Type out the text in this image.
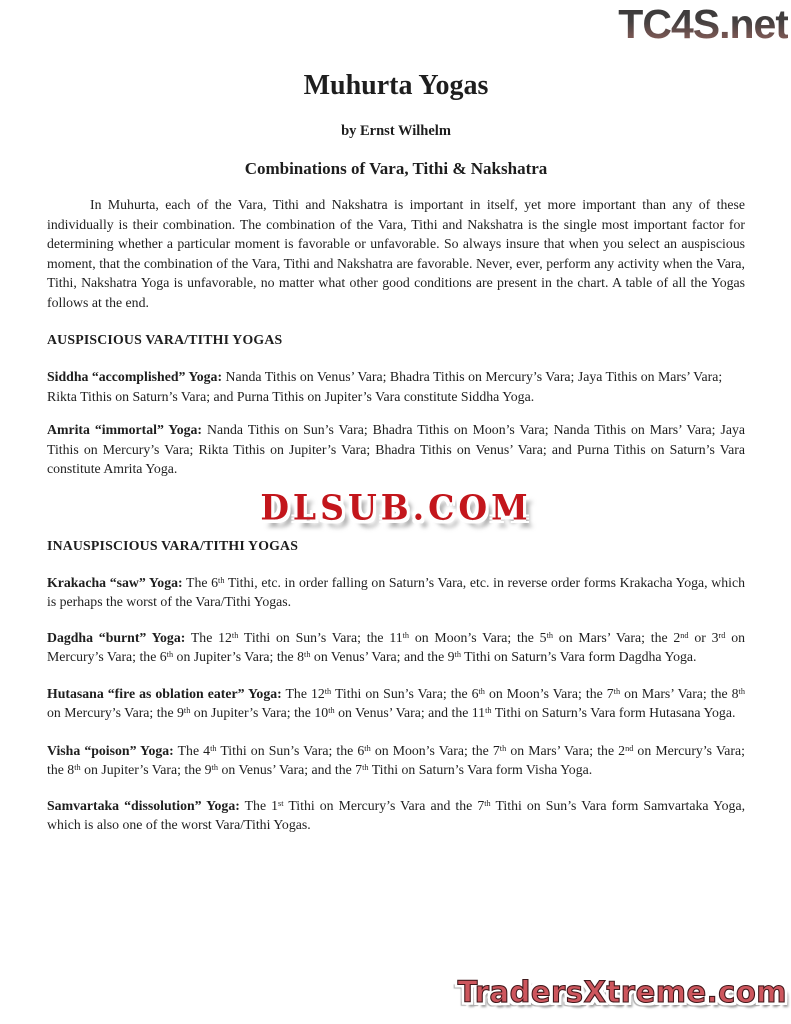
TC4S.net
Muhurta Yogas
by Ernst Wilhelm
Combinations of Vara, Tithi & Nakshatra

In Muhurta, each of the Vara, Tithi and Nakshatra is important in itself, yet more important than any of these individually is their combination. The combination of the Vara, Tithi and Nakshatra is the single most important factor for determining whether a particular moment is favorable or unfavorable. So always insure that when you select an auspiscious moment, that the combination of the Vara, Tithi and Nakshatra are favorable. Never, ever, perform any activity when the Vara, Tithi, Nakshatra Yoga is unfavorable, no matter what other good conditions are present in the chart. A table of all the Yogas follows at the end.

AUSPISCIOUS VARA/TITHI YOGAS

Siddha “accomplished” Yoga: Nanda Tithis on Venus’ Vara; Bhadra Tithis on Mercury’s Vara; Jaya Tithis on Mars’ Vara; Rikta Tithis on Saturn’s Vara; and Purna Tithis on Jupiter’s Vara constitute Siddha Yoga.

Amrita “immortal” Yoga: Nanda Tithis on Sun’s Vara; Bhadra Tithis on Moon’s Vara; Nanda Tithis on Mars’ Vara; Jaya Tithis on Mercury’s Vara; Rikta Tithis on Jupiter’s Vara; Bhadra Tithis on Venus’ Vara; and Purna Tithis on Saturn’s Vara constitute Amrita Yoga.

DLSUB.COM
INAUSPISCIOUS VARA/TITHI YOGAS

Krakacha “saw” Yoga: The 6th Tithi, etc. in order falling on Saturn’s Vara, etc. in reverse order forms Krakacha Yoga, which is perhaps the worst of the Vara/Tithi Yogas.

Dagdha “burnt” Yoga: The 12th Tithi on Sun’s Vara; the 11th on Moon’s Vara; the 5th on Mars’ Vara; the 2nd or 3rd on Mercury’s Vara; the 6th on Jupiter’s Vara; the 8th on Venus’ Vara; and the 9th Tithi on Saturn’s Vara form Dagdha Yoga.

Hutasana “fire as oblation eater” Yoga: The 12th Tithi on Sun’s Vara; the 6th on Moon’s Vara; the 7th on Mars’ Vara; the 8th on Mercury’s Vara; the 9th on Jupiter’s Vara; the 10th on Venus’ Vara; and the 11th Tithi on Saturn’s Vara form Hutasana Yoga.

Visha “poison” Yoga: The 4th Tithi on Sun’s Vara; the 6th on Moon’s Vara; the 7th on Mars’ Vara; the 2nd on Mercury’s Vara; the 8th on Jupiter’s Vara; the 9th on Venus’ Vara; and the 7th Tithi on Saturn’s Vara form Visha Yoga.

Samvartaka “dissolution” Yoga: The 1st Tithi on Mercury’s Vara and the 7th Tithi on Sun’s Vara form Samvartaka Yoga, which is also one of the worst Vara/Tithi Yogas.

TradersXtreme.com
